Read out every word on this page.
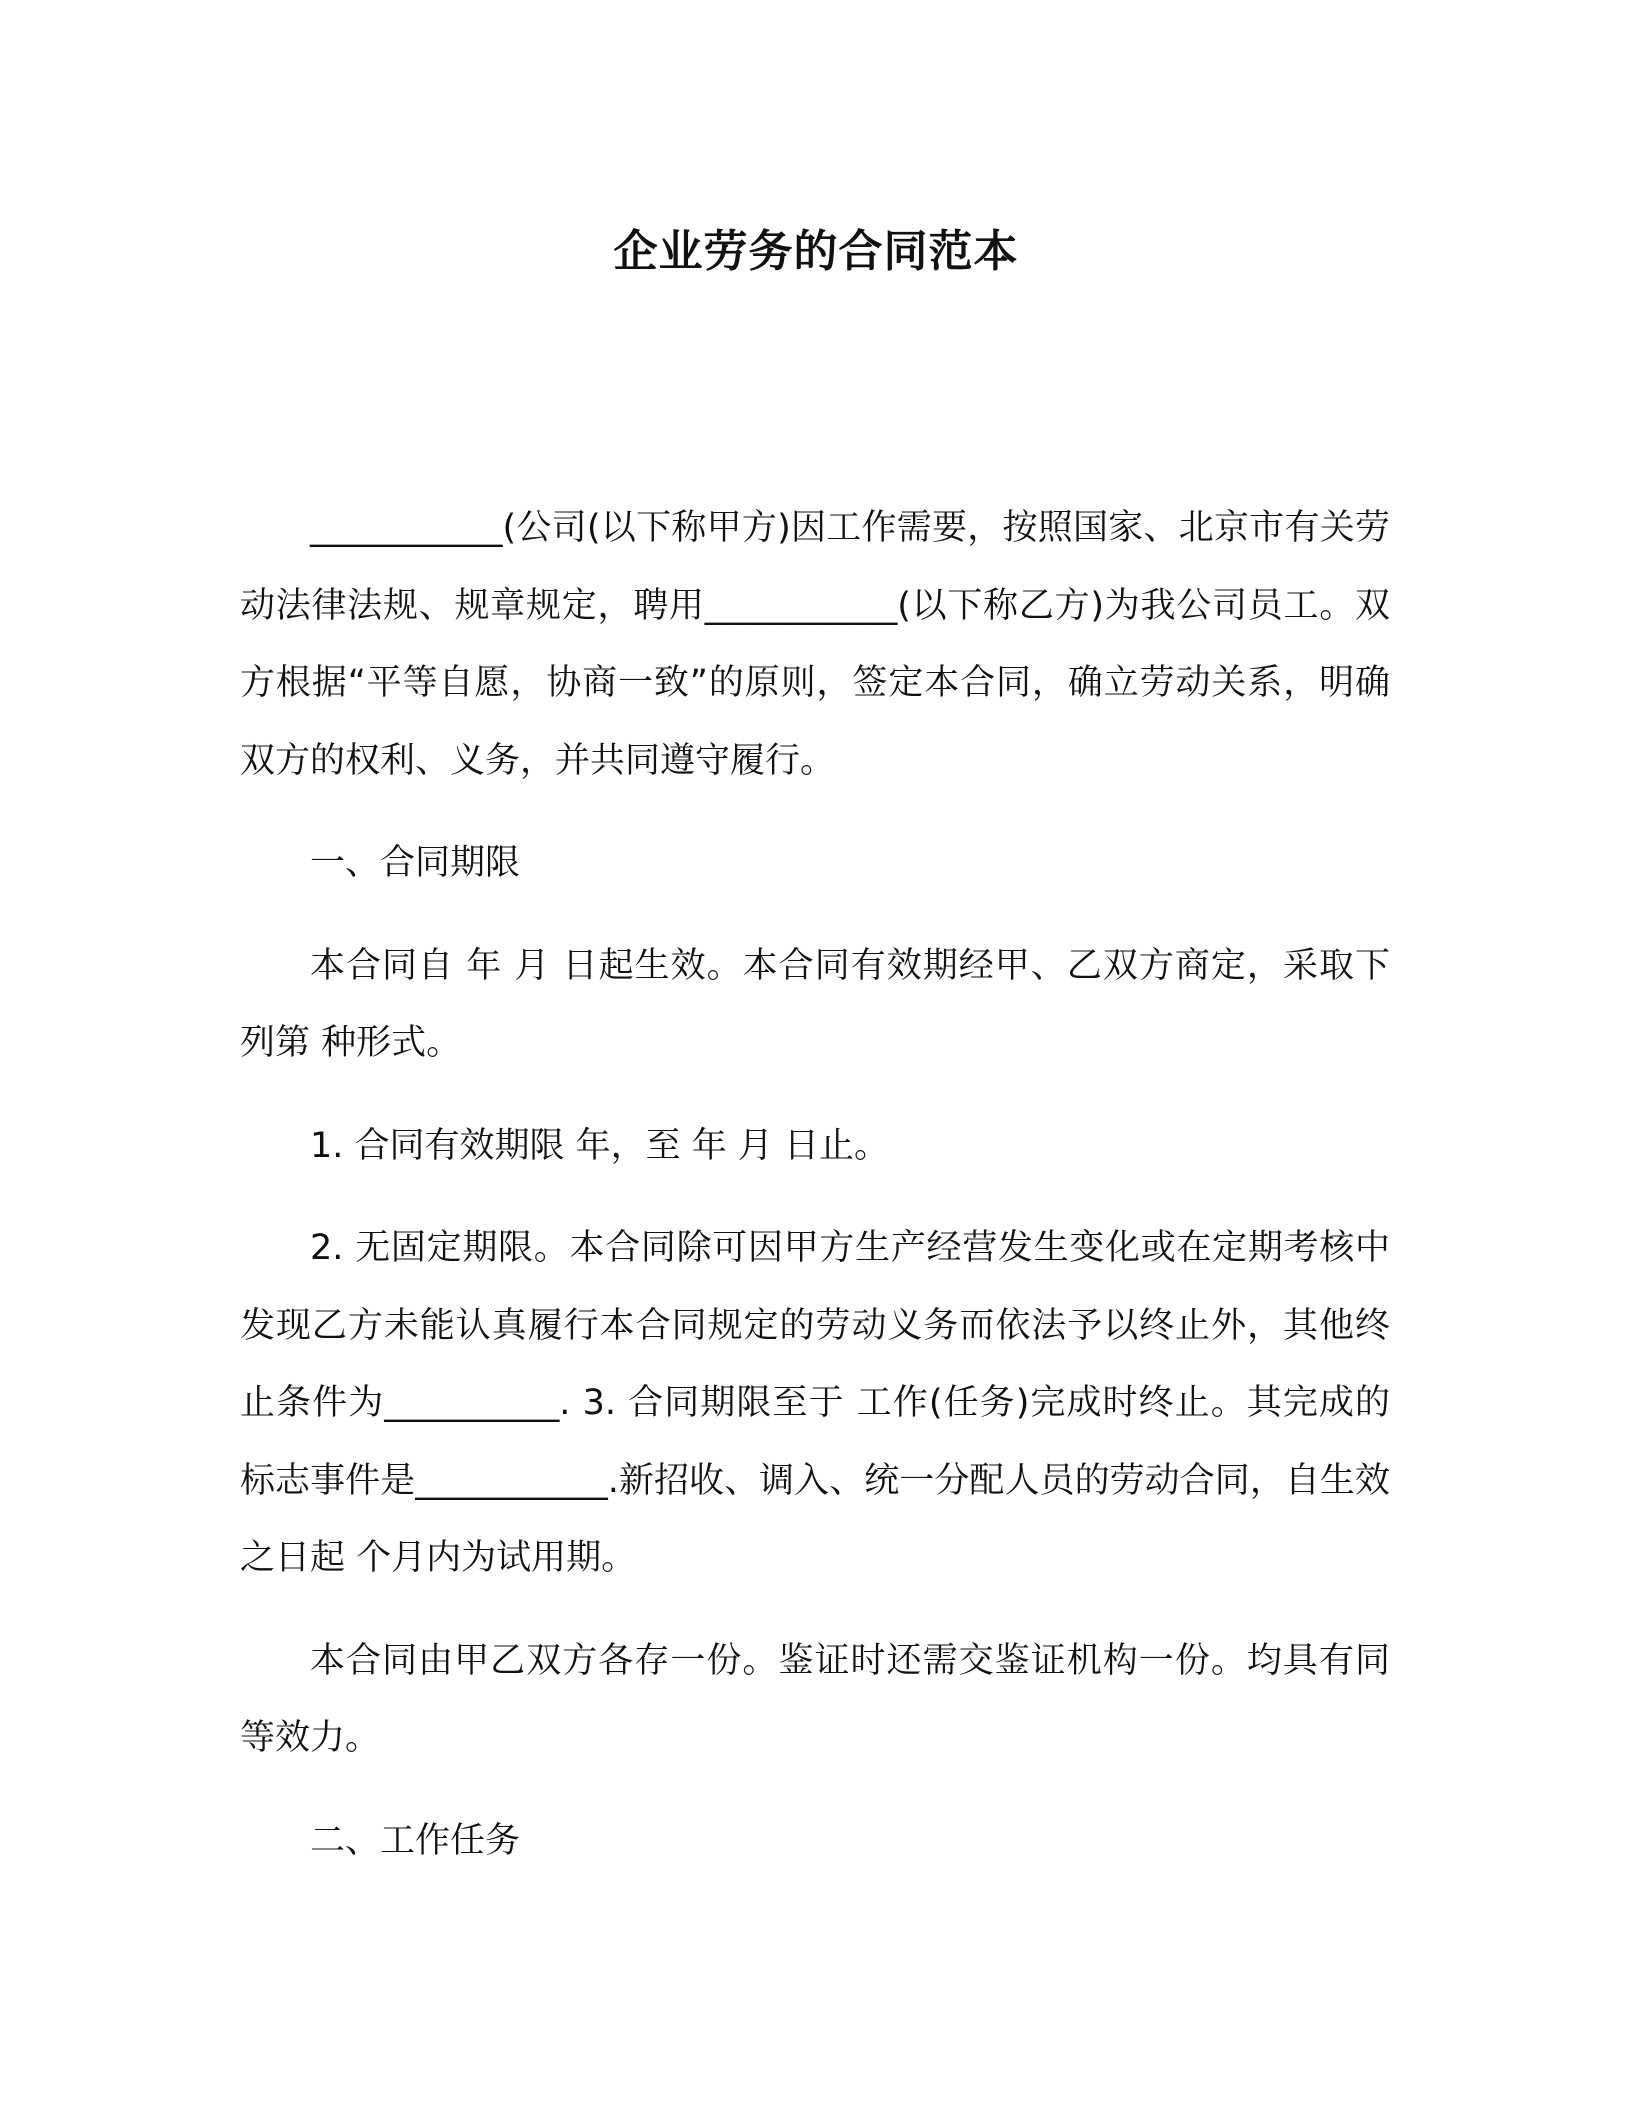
企业劳务的合同范本

___________(公司(以下称甲方)因工作需要，按照国家、北京市有关劳动法律法规、规章规定，聘用___________(以下称乙方)为我公司员工。双方根据“平等自愿，协商一致”的原则，签定本合同，确立劳动关系，明确双方的权利、义务，并共同遵守履行。

一、合同期限

本合同自 年 月 日起生效。本合同有效期经甲、乙双方商定，采取下列第 种形式。

1. 合同有效期限 年，至 年 月 日止。

2. 无固定期限。本合同除可因甲方生产经营发生变化或在定期考核中发现乙方未能认真履行本合同规定的劳动义务而依法予以终止外，其他终止条件为__________. 3. 合同期限至于 工作(任务)完成时终止。其完成的标志事件是___________.新招收、调入、统一分配人员的劳动合同，自生效之日起 个月内为试用期。

本合同由甲乙双方各存一份。鉴证时还需交鉴证机构一份。均具有同等效力。

二、工作任务
